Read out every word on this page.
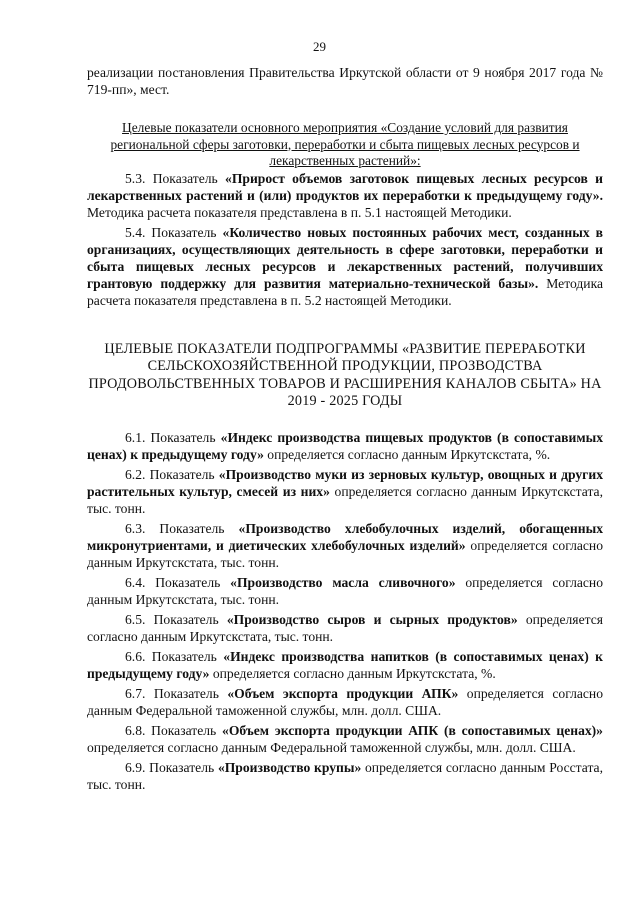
29

реализации постановления Правительства Иркутской области от 9 ноября 2017 года № 719-пп», мест.

Целевые показатели основного мероприятия «Создание условий для развития региональной сферы заготовки, переработки и сбыта пищевых лесных ресурсов и лекарственных растений»:

5.3. Показатель «Прирост объемов заготовок пищевых лесных ресурсов и лекарственных растений и (или) продуктов их переработки к предыдущему году». Методика расчета показателя представлена в п. 5.1 настоящей Методики.

5.4. Показатель «Количество новых постоянных рабочих мест, созданных в организациях, осуществляющих деятельность в сфере заготовки, переработки и сбыта пищевых лесных ресурсов и лекарственных растений, получивших грантовую поддержку для развития материально-технической базы». Методика расчета показателя представлена в п. 5.2 настоящей Методики.

ЦЕЛЕВЫЕ ПОКАЗАТЕЛИ ПОДПРОГРАММЫ «РАЗВИТИЕ ПЕРЕРАБОТКИ СЕЛЬСКОХОЗЯЙСТВЕННОЙ ПРОДУКЦИИ, ПРОЗВОДСТВА ПРОДОВОЛЬСТВЕННЫХ ТОВАРОВ И РАСШИРЕНИЯ КАНАЛОВ СБЫТА» НА 2019 - 2025 ГОДЫ

6.1. Показатель «Индекс производства пищевых продуктов (в сопоставимых ценах) к предыдущему году» определяется согласно данным Иркутскстата, %.

6.2. Показатель «Производство муки из зерновых культур, овощных и других растительных культур, смесей из них» определяется согласно данным Иркутскстата, тыс. тонн.

6.3. Показатель «Производство хлебобулочных изделий, обогащенных микронутриентами, и диетических хлебобулочных изделий» определяется согласно данным Иркутскстата, тыс. тонн.

6.4. Показатель «Производство масла сливочного» определяется согласно данным Иркутскстата, тыс. тонн.

6.5. Показатель «Производство сыров и сырных продуктов» определяется согласно данным Иркутскстата, тыс. тонн.

6.6. Показатель «Индекс производства напитков (в сопоставимых ценах) к предыдущему году» определяется согласно данным Иркутскстата, %.

6.7. Показатель «Объем экспорта продукции АПК» определяется согласно данным Федеральной таможенной службы, млн. долл. США.

6.8. Показатель «Объем экспорта продукции АПК (в сопоставимых ценах)» определяется согласно данным Федеральной таможенной службы, млн. долл. США.

6.9. Показатель «Производство крупы» определяется согласно данным Росстата, тыс. тонн.
